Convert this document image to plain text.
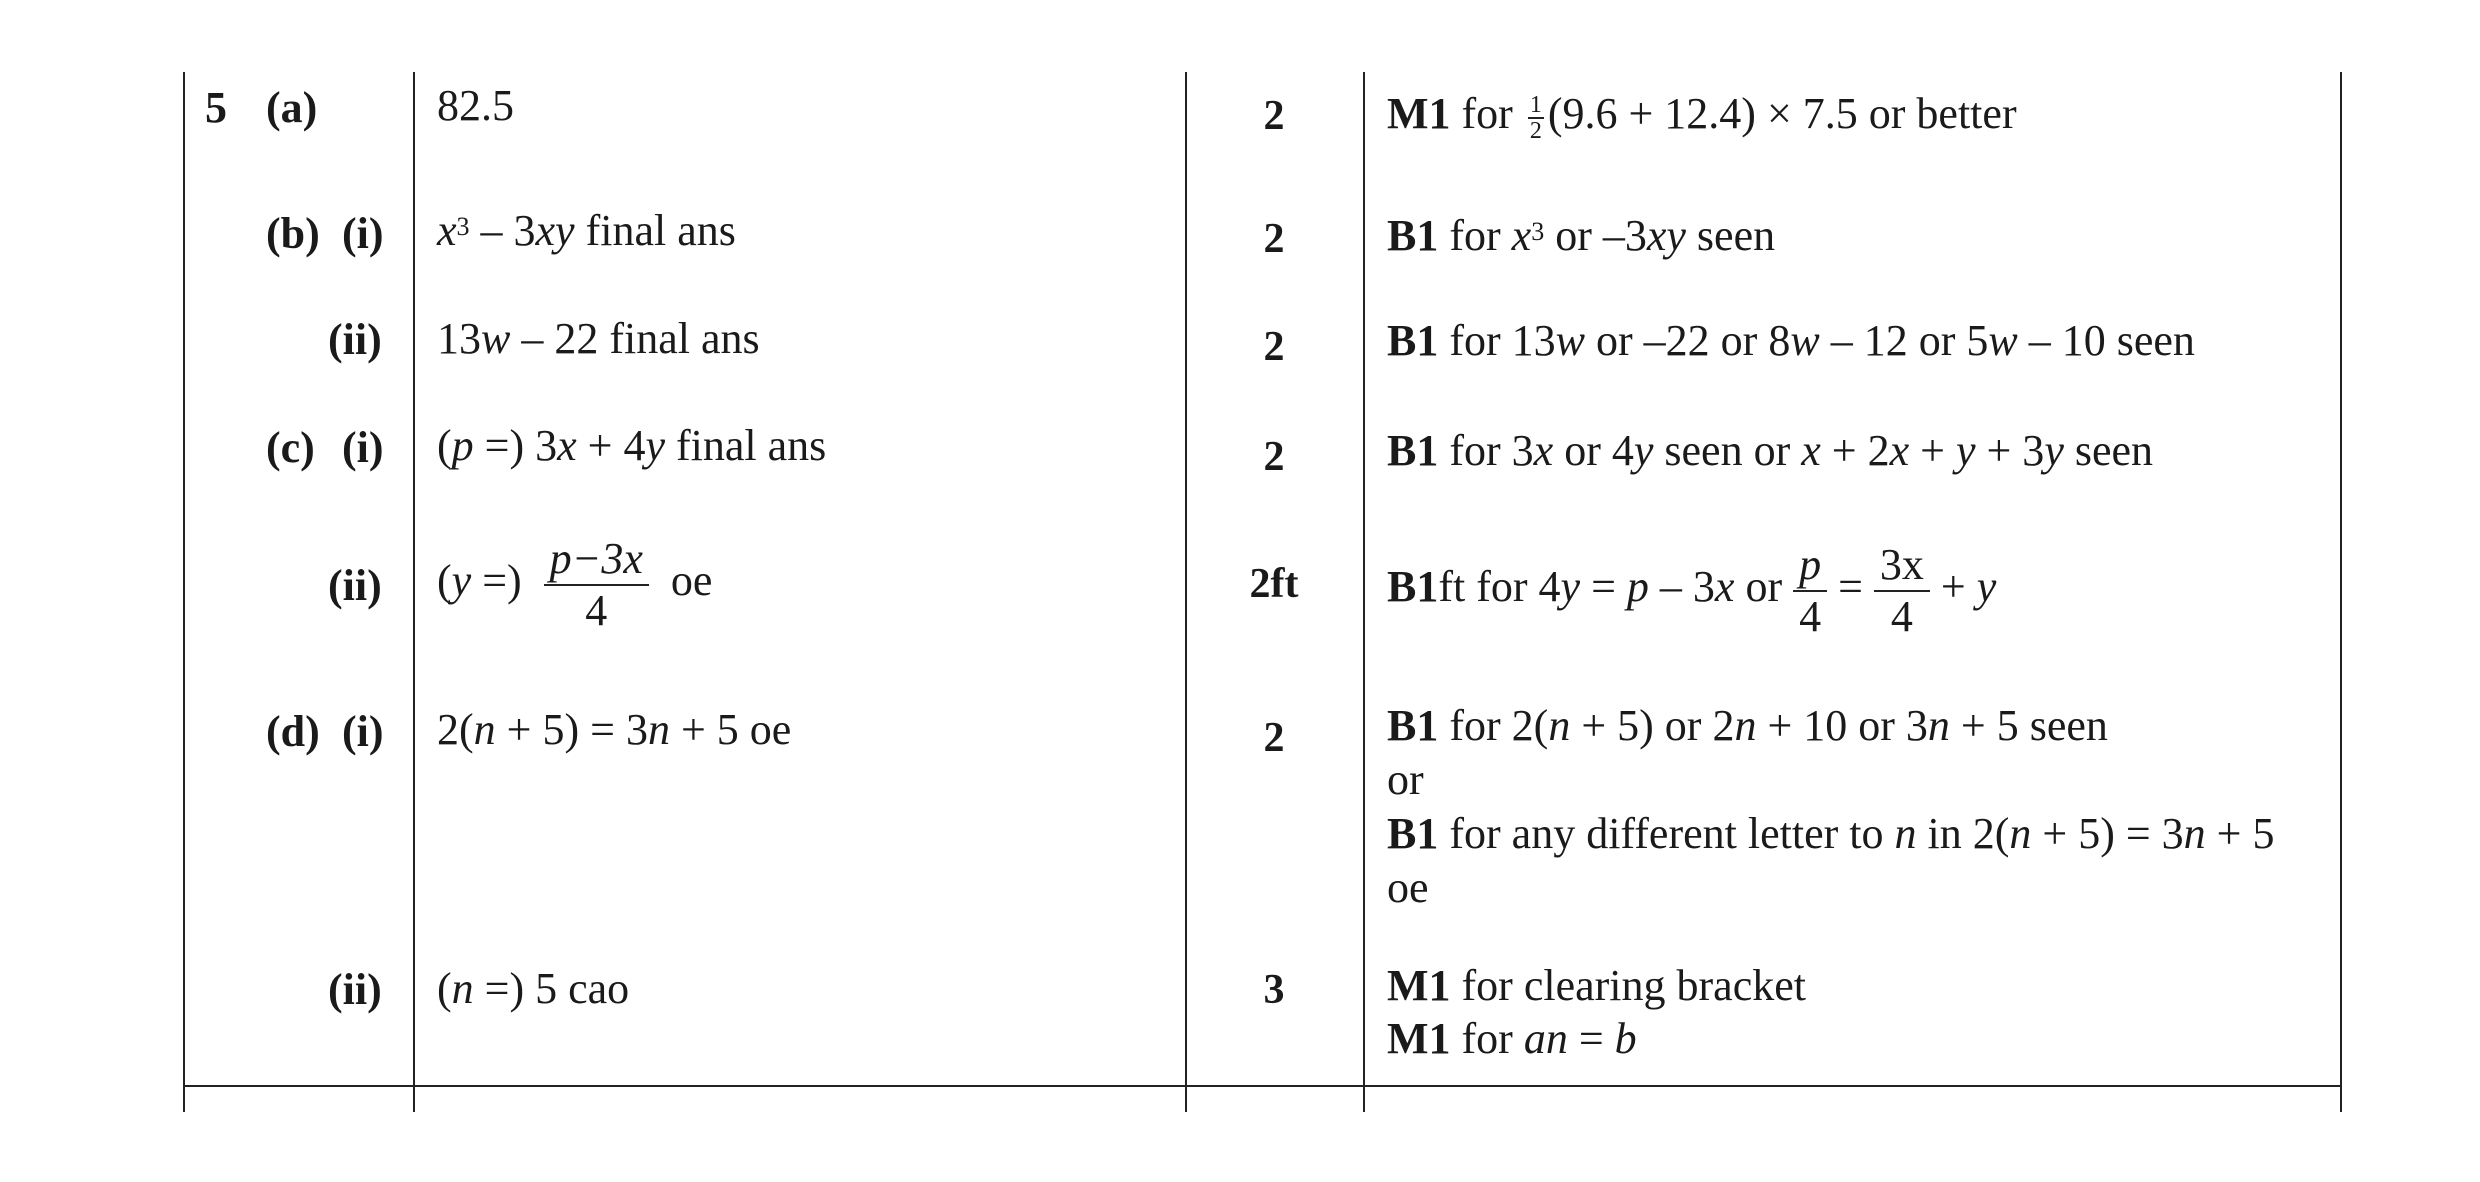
5 (a)	82.5	2	M1 for $\frac{1}{2} (9.6 + 12.4) \times 7.5$ or better
(b) (i) $x^3 - 3xy$ final ans	2	B1 for $x^3$ or –3xy seen
(ii) 13w – 22 final ans	2	B1 for 13w or –22 or 8w – 12 or 5w – 10 seen
(c) (i) (p =) 3x + 4y final ans	2	B1 for 3x or 4y seen or x + 2x + y + 3y seen
(ii) (y =) $\frac{p-3x}{4}$ oe	2ft	B1ft for 4y = p – 3x or $\frac{p}{4} = \frac{3x}{4} + y$
(d) (i) 2(n + 5) = 3n + 5 oe	2	B1 for 2(n + 5) or 2n + 10 or 3n + 5 seen
or
B1 for any different letter to n in 2(n + 5) = 3n + 5
oe
(ii) (n =) 5 cao	3	M1 for clearing bracket
M1 for an = b
